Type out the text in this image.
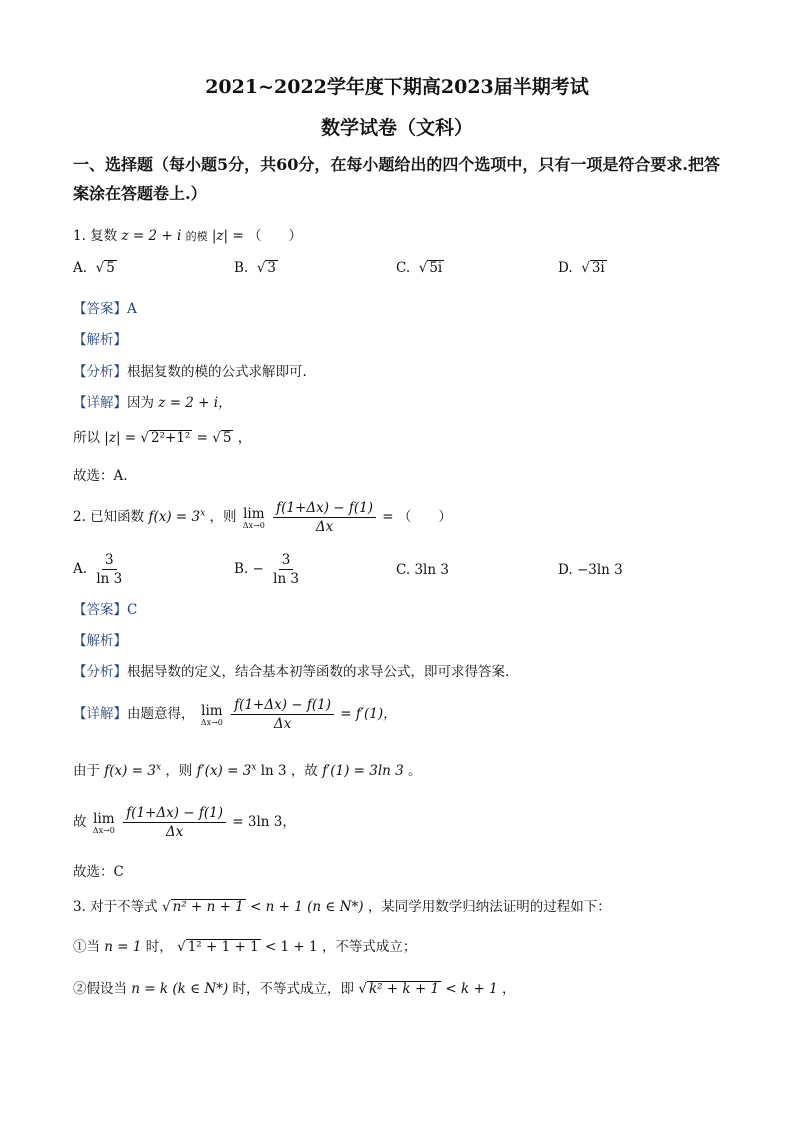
2021~2022学年度下期高2023届半期考试
数学试卷（文科）
一、选择题（每小题5分，共60分，在每小题给出的四个选项中，只有一项是符合要求.把答
案涂在答题卷上.）
1. 复数 z = 2 + i 的模 |z| = （　　）
A. √ 5	B. √ 3	C. √ 5i	D. √ 3i
【答案】A
【解析】
【分析】根据复数的模的公式求解即可.
【详解】因为 z = 2 + i，
所以 |z| = √ 2²+1² = √ 5 ，
故选：A.
2. 已知函数 $f(x) = 3^x$ ，则 lim
Δx→0
$\frac{f(1+\Delta x) - f(1)}{\Delta x}$ = （　　）
A. $\frac{3}{\ln 3}$	B. − $\frac{3}{\ln 3}$	C. 3ln 3	D. −3ln 3
【答案】C
【解析】
【分析】根据导数的定义，结合基本初等函数的求导公式，即可求得答案.
【详解】由题意得， lim
Δx→0
$\frac{f(1+\Delta x) - f(1)}{\Delta x} = f'(1)$，
由于 $f(x) = 3^x$ ，则 $f'(x) = 3^x$ ln 3 ，故 f′(1) = 3ln 3 。
故 lim
Δx→0
$\frac{f(1+\Delta x) - f(1)}{\Delta x} = 3\ln$ 3，
故选：C
3. 对于不等式 √ n² + n + 1 < n + 1 (n ∈ N*) ，某同学用数学归纳法证明的过程如下：
①当 n = 1 时， √ 1² + 1 + 1 < 1 + 1 ，不等式成立；
②假设当 n = k (k ∈ N*) 时，不等式成立，即 √ k² + k + 1 < k + 1 ，
